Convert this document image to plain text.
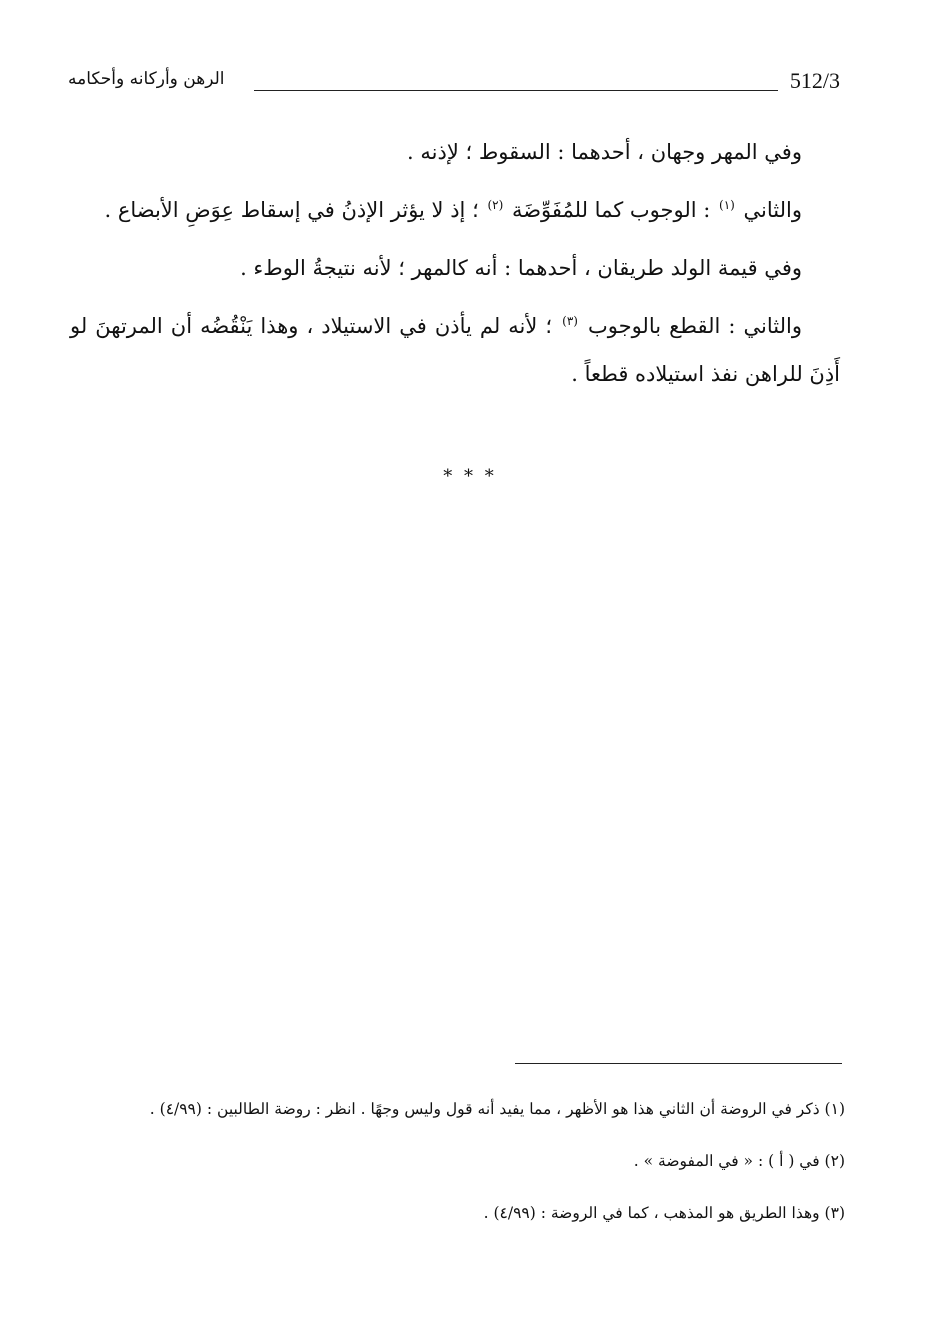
512/3
الرهن وأركانه وأحكامه

وفي المهر وجهان ، أحدهما : السقوط ؛ لإذنه .

والثاني $^{(١)}$ : الوجوب كما للمُفَوِّضَة $^{(٢)}$ ؛ إذ لا يؤثر الإذنُ في إسقاط عِوَضِ الأبضاع .

وفي قيمة الولد طريقان ، أحدهما : أنه كالمهر ؛ لأنه نتيجةُ الوطء .

والثاني : القطع بالوجوب $^{(٣)}$ ؛ لأنه لم يأذن في الاستيلاد ، وهذا يَنْقُضُه أن المرتهنَ لو أَذِنَ للراهن نفذ استيلاده قطعاً .

* * *
(١) ذكر في الروضة أن الثاني هذا هو الأظهر ، مما يفيد أنه قول وليس وجهًا . انظر : روضة الطالبين : (٤/٩٩) .
(٢) في ( أ ) : « في المفوضة » .
(٣) وهذا الطريق هو المذهب ، كما في الروضة : (٤/٩٩) .
